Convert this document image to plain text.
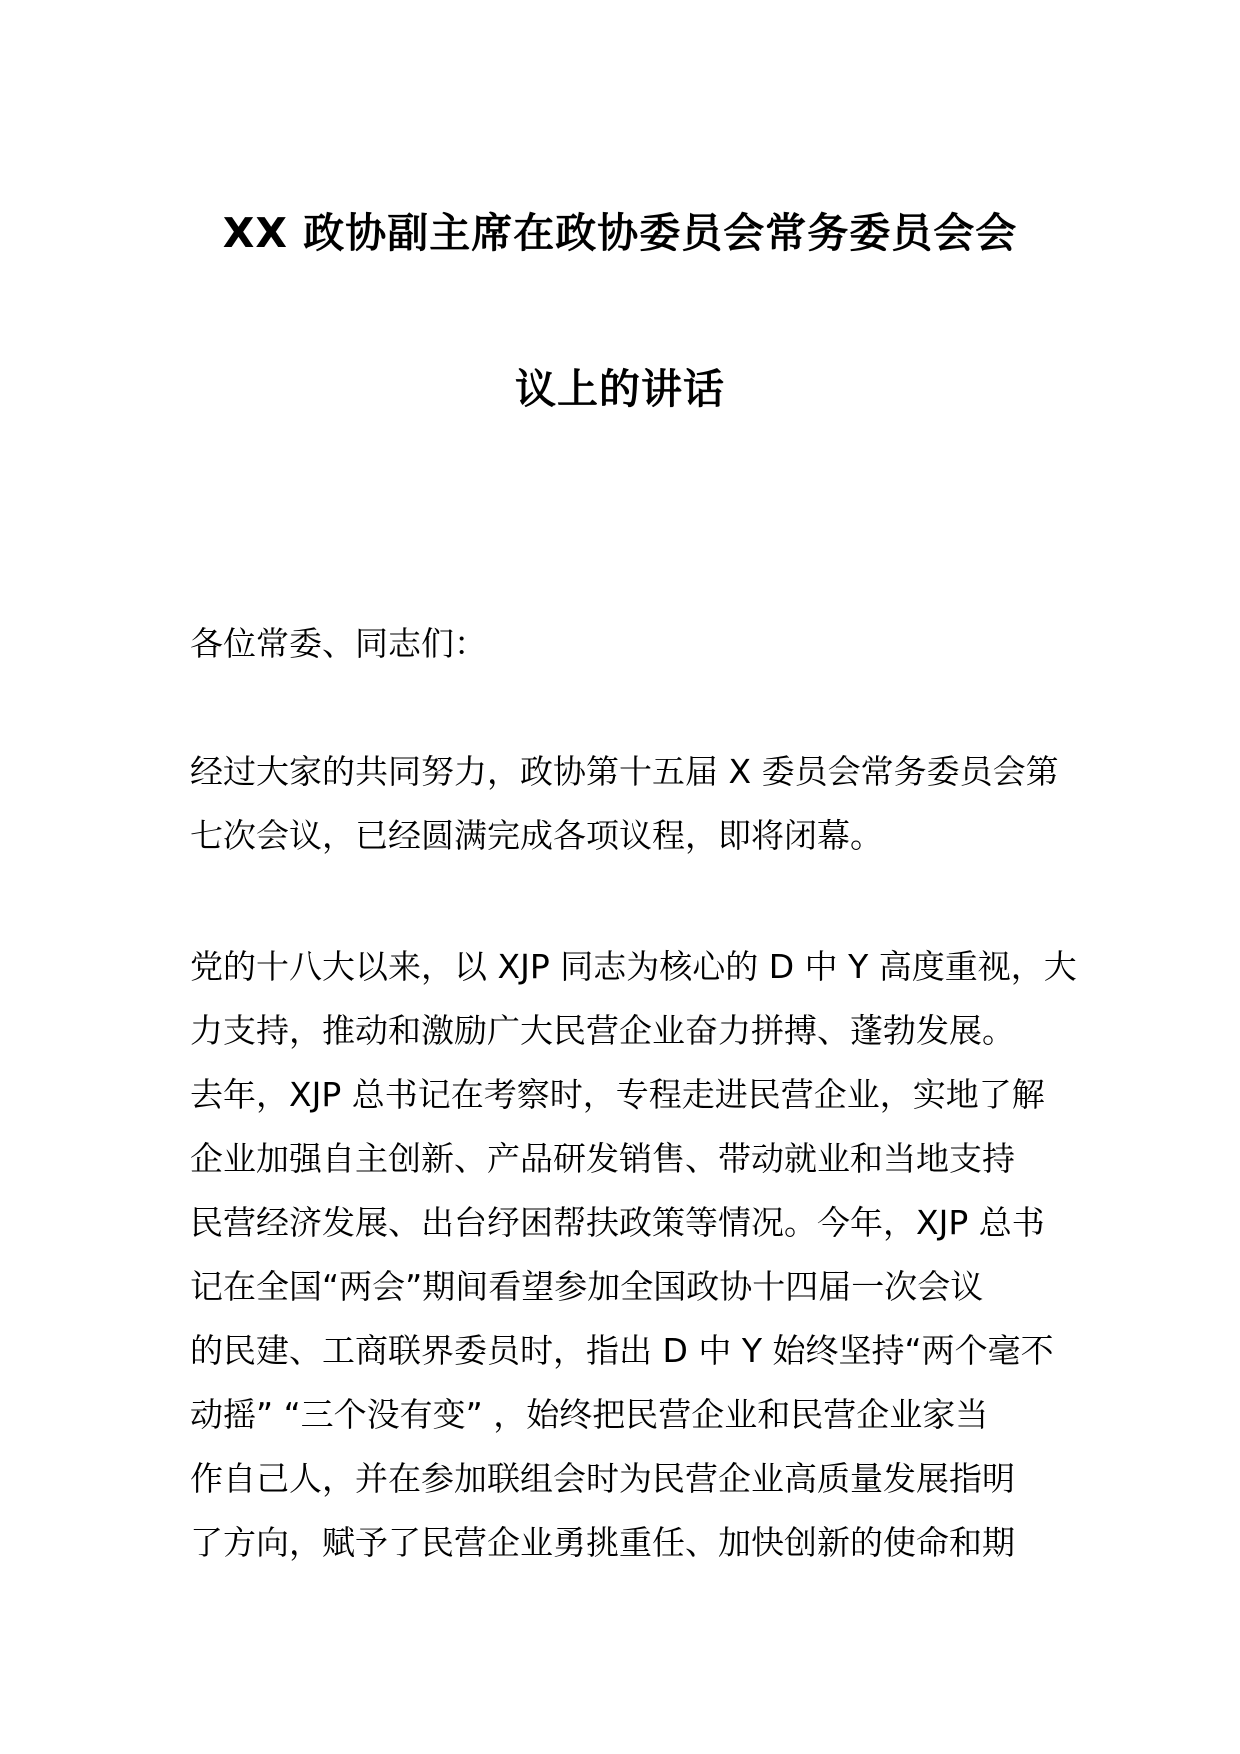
XX 政协副主席在政协委员会常务委员会会
议上的讲话
各位常委、同志们：
经过大家的共同努力，政协第十五届 X 委员会常务委员会第
七次会议，已经圆满完成各项议程，即将闭幕。
党的十八大以来，以 XJP 同志为核心的 D 中 Y 高度重视，大
力支持，推动和激励广大民营企业奋力拼搏、蓬勃发展。
去年，XJP 总书记在考察时，专程走进民营企业，实地了解
企业加强自主创新、产品研发销售、带动就业和当地支持
民营经济发展、出台纾困帮扶政策等情况。今年，XJP 总书
记在全国“两会”期间看望参加全国政协十四届一次会议
的民建、工商联界委员时，指出 D 中 Y 始终坚持“两个毫不
动摇” “三个没有变” ，始终把民营企业和民营企业家当
作自己人，并在参加联组会时为民营企业高质量发展指明
了方向，赋予了民营企业勇挑重任、加快创新的使命和期
